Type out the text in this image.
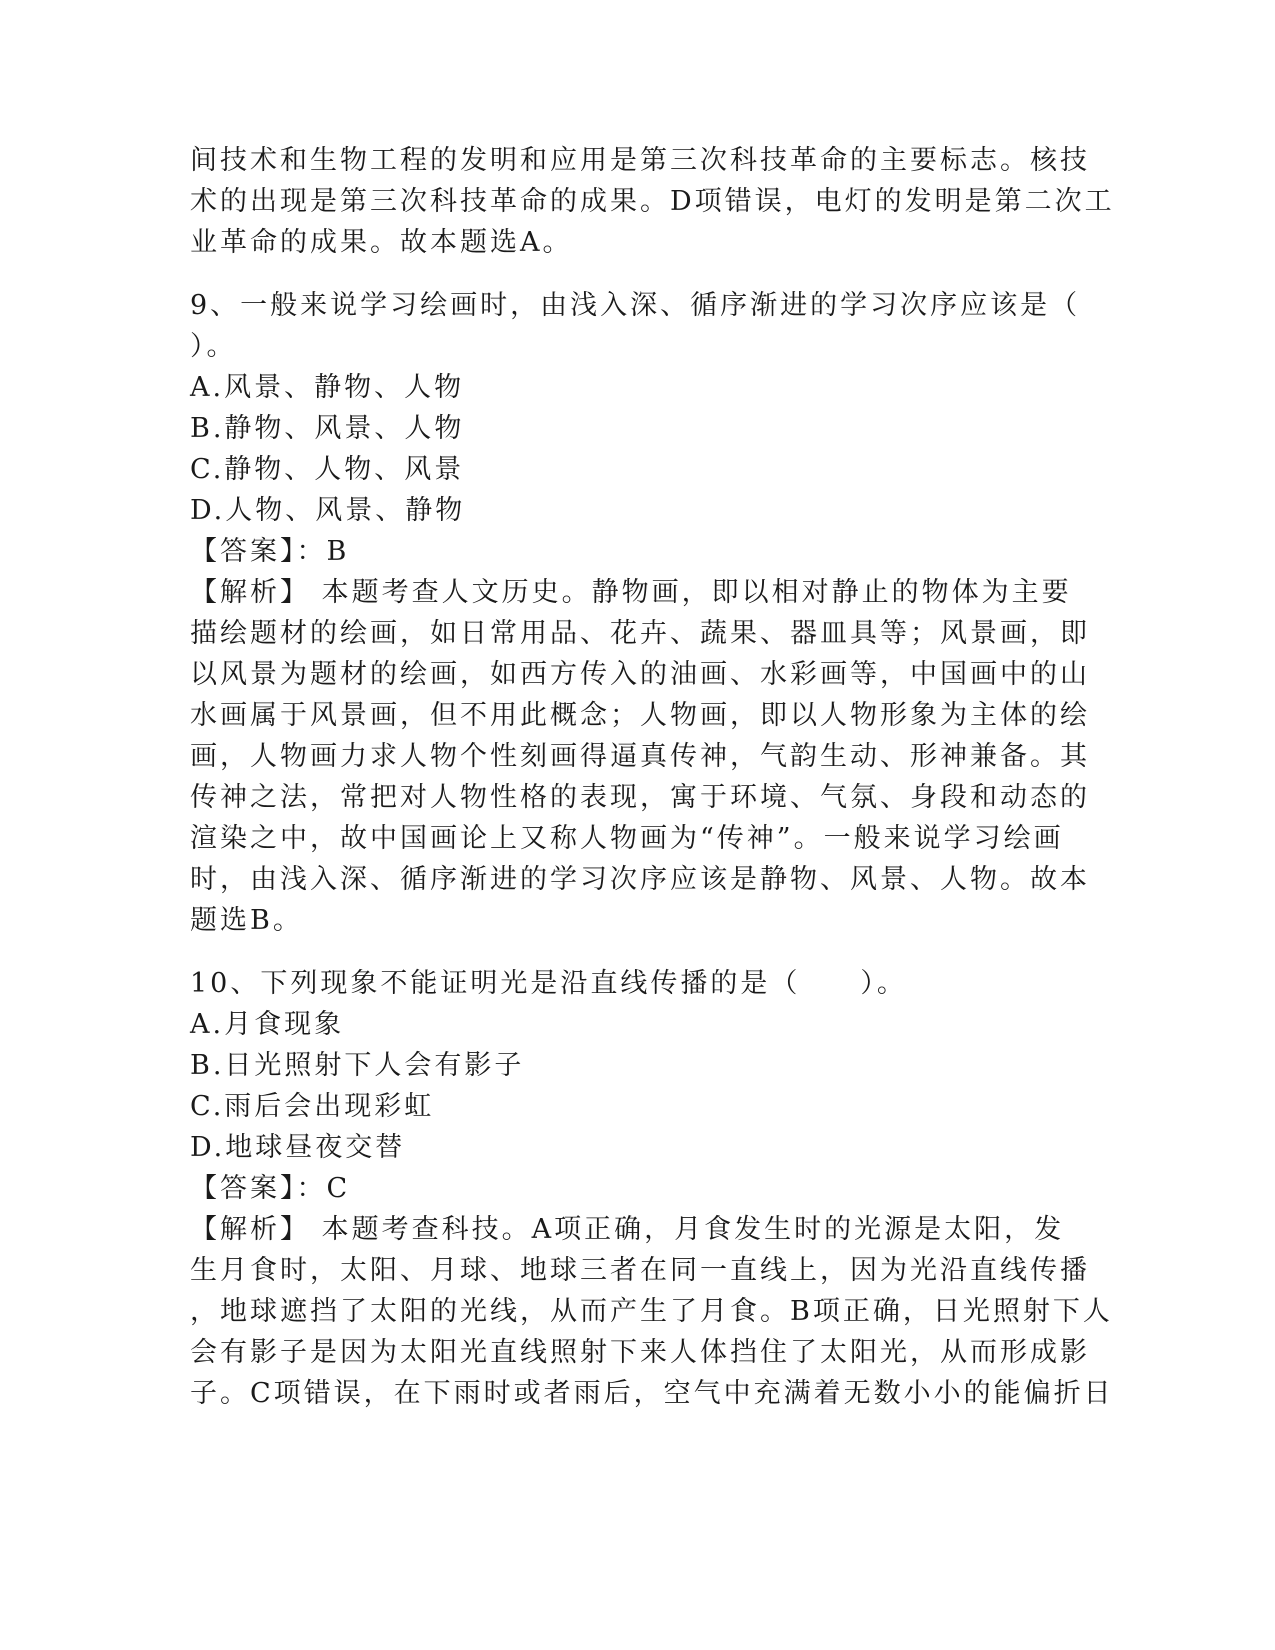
间技术和生物工程的发明和应用是第三次科技革命的主要标志。核技
术的出现是第三次科技革命的成果。D项错误，电灯的发明是第二次工
业革命的成果。故本题选A。
9、一般来说学习绘画时，由浅入深、循序渐进的学习次序应该是（
）。
A.风景、静物、人物
B.静物、风景、人物
C.静物、人物、风景
D.人物、风景、静物
【答案】：B
【解析】 本题考查人文历史。静物画，即以相对静止的物体为主要
描绘题材的绘画，如日常用品、花卉、蔬果、器皿具等；风景画，即
以风景为题材的绘画，如西方传入的油画、水彩画等，中国画中的山
水画属于风景画，但不用此概念；人物画，即以人物形象为主体的绘
画，人物画力求人物个性刻画得逼真传神，气韵生动、形神兼备。其
传神之法，常把对人物性格的表现，寓于环境、气氛、身段和动态的
渲染之中，故中国画论上又称人物画为“传神”。一般来说学习绘画
时，由浅入深、循序渐进的学习次序应该是静物、风景、人物。故本
题选B。
10、下列现象不能证明光是沿直线传播的是（　　）。
A.月食现象
B.日光照射下人会有影子
C.雨后会出现彩虹
D.地球昼夜交替
【答案】：C
【解析】 本题考查科技。A项正确，月食发生时的光源是太阳，发
生月食时，太阳、月球、地球三者在同一直线上，因为光沿直线传播
，地球遮挡了太阳的光线，从而产生了月食。B项正确，日光照射下人
会有影子是因为太阳光直线照射下来人体挡住了太阳光，从而形成影
子。C项错误，在下雨时或者雨后，空气中充满着无数小小的能偏折日
